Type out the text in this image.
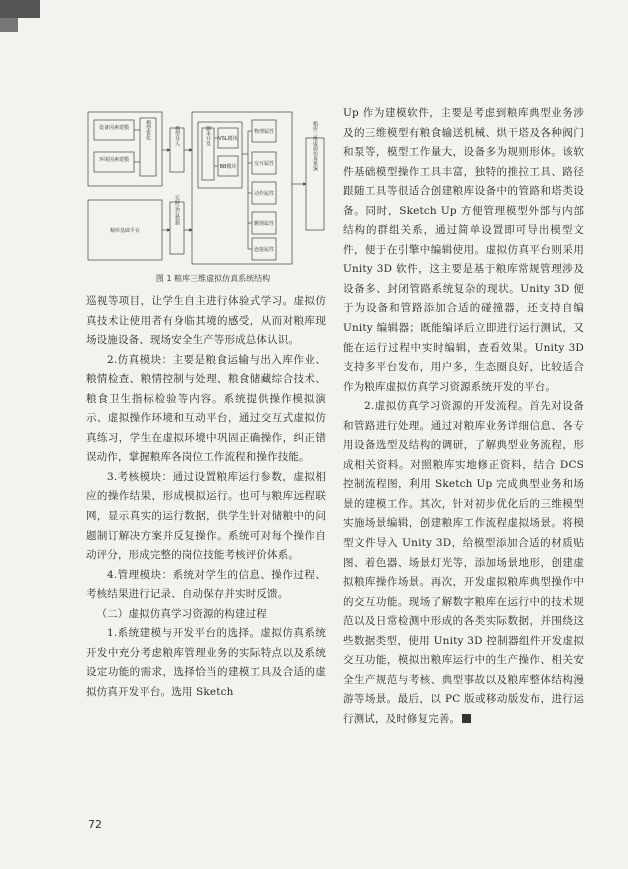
设备因素建模
环境因素建模
模型优化	模型导入	脚本开发 VSL模块
BB模块
物理属性
交互属性
动作属性
颗情属性
连接属性
粮库三维虚拟仿真系统
粮库基础平台
实时运行数据
图 1 粮库三维虚拟仿真系统结构

巡视等项目，让学生自主进行体验式学习。虚拟仿真技术让使用者有身临其境的感受，从而对粮库现场设施设备、现场安全生产等形成总体认识。

2.仿真模块：主要是粮食运输与出入库作业、粮情检查、粮情控制与处理、粮食储藏综合技术、粮食卫生指标检验等内容。系统提供操作模拟演示、虚拟操作环境和互动平台，通过交互式虚拟仿真练习，学生在虚拟环境中巩固正确操作，纠正错误动作，掌握粮库各岗位工作流程和操作技能。

3.考核模块：通过设置粮库运行参数，虚拟相应的操作结果，形成模拟运行。也可与粮库远程联网，显示真实的运行数据，供学生针对储粮中的问题制订解决方案并反复操作。系统可对每个操作自动评分，形成完整的岗位技能考核评价体系。

4.管理模块：系统对学生的信息、操作过程、考核结果进行记录、自动保存并实时反馈。

（二）虚拟仿真学习资源的构建过程

1.系统建模与开发平台的选择。虚拟仿真系统开发中充分考虑粮库管理业务的实际特点以及系统设定功能的需求，选择恰当的建模工具及合适的虚拟仿真开发平台。选用 Sketch

Up 作为建模软件，主要是考虑到粮库典型业务涉及的三维模型有粮食输送机械、烘干塔及各种阀门和泵等，模型工作量大，设备多为规则形体。该软件基础模型操作工具丰富，独特的推拉工具、路径跟随工具等很适合创建粮库设备中的管路和塔类设备。同时，Sketch Up 方便管理模型外部与内部结构的群组关系，通过简单设置即可导出模型文件，便于在引擎中编辑使用。虚拟仿真平台则采用 Unity 3D 软件，这主要是基于粮库常规管理涉及设备多、封闭管路系统复杂的现状。Unity 3D 便于为设备和管路添加合适的碰撞器，还支持自编 Unity 编辑器；既能编译后立即进行运行测试，又能在运行过程中实时编辑，查看效果。Unity 3D 支持多平台发布，用户多，生态圈良好，比较适合作为粮库虚拟仿真学习资源系统开发的平台。

2.虚拟仿真学习资源的开发流程。首先对设备和管路进行处理。通过对粮库业务详细信息、各专用设备选型及结构的调研，了解典型业务流程，形成相关资料。对照粮库实地修正资料，结合 DCS 控制流程图，利用 Sketch Up 完成典型业务和场景的建模工作。其次，针对初步优化后的三维模型实施场景编辑，创建粮库工作流程虚拟场景。将模型文件导入 Unity 3D，给模型添加合适的材质贴图、着色器、场景灯光等，添加场景地形，创建虚拟粮库操作场景。再次，开发虚拟粮库典型操作中的交互功能。现场了解数字粮库在运行中的技术规范以及日常检测中形成的各类实际数据，并围绕这些数据类型，使用 Unity 3D 控制器组件开发虚拟交互功能，模拟出粮库运行中的生产操作、相关安全生产规范与考核、典型事故以及粮库整体结构漫游等场景。最后，以 PC 版或移动版发布，进行运行测试，及时修复完善。

72
